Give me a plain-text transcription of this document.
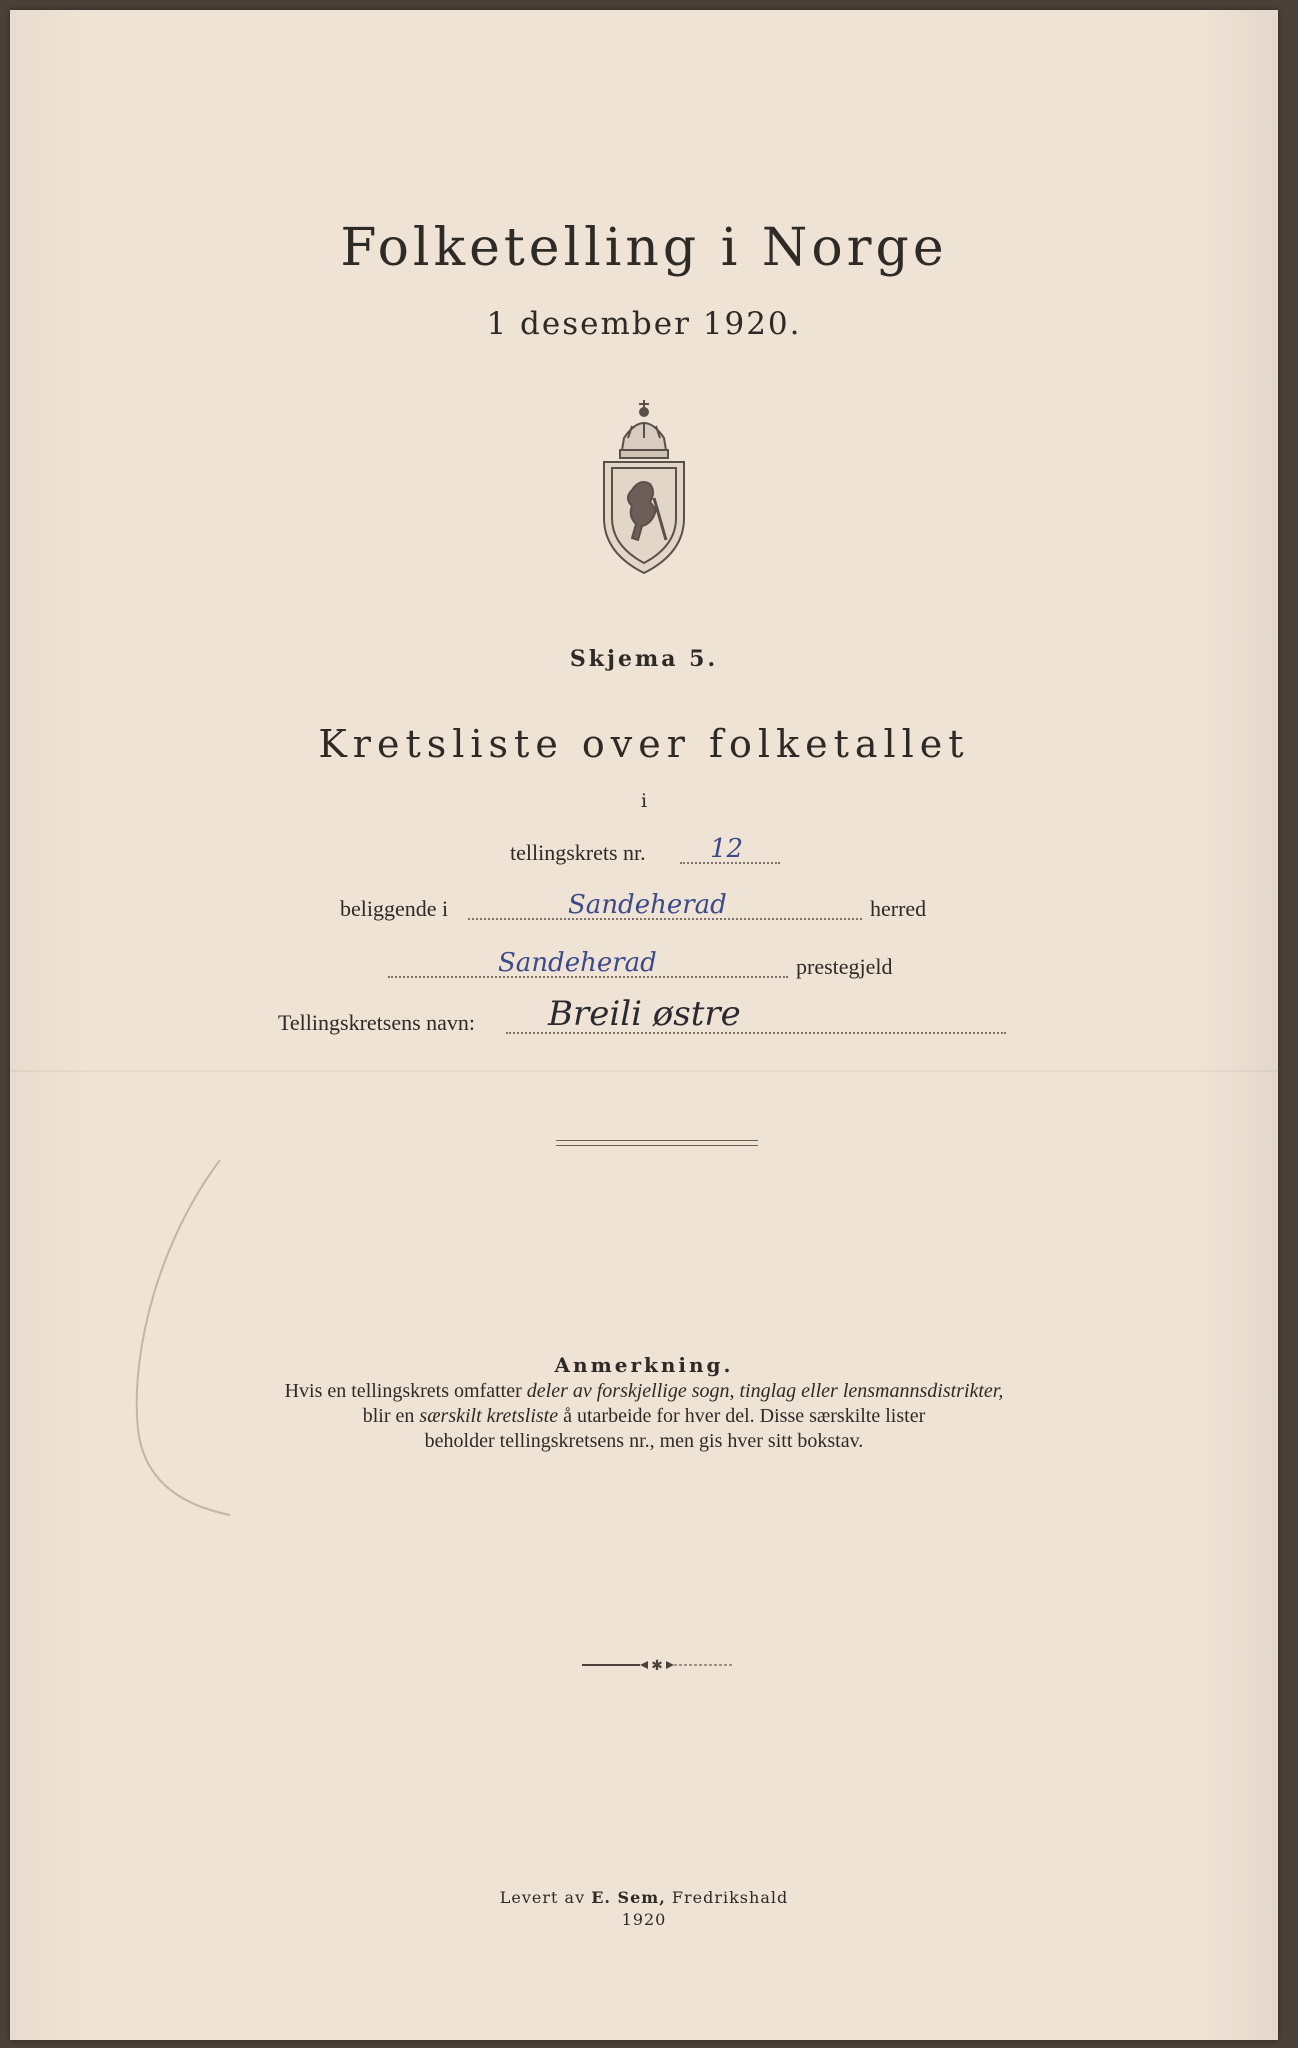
Folketelling i Norge
1 desember 1920.
Skjema 5.
Kretsliste over folketallet
i
tellingskrets nr. 12
beliggende i	Sandeherad	herred
Sandeherad	prestegjeld
Tellingskretsens navn: Breili østre
Anmerkning.
Hvis en tellingskrets omfatter deler av forskjellige sogn, tinglag eller lensmannsdistrikter,
blir en særskilt kretsliste å utarbeide for hver del. Disse særskilte lister
beholder tellingskretsens nr., men gis hver sitt bokstav.
✱
Levert av E. Sem, Fredrikshald
1920
